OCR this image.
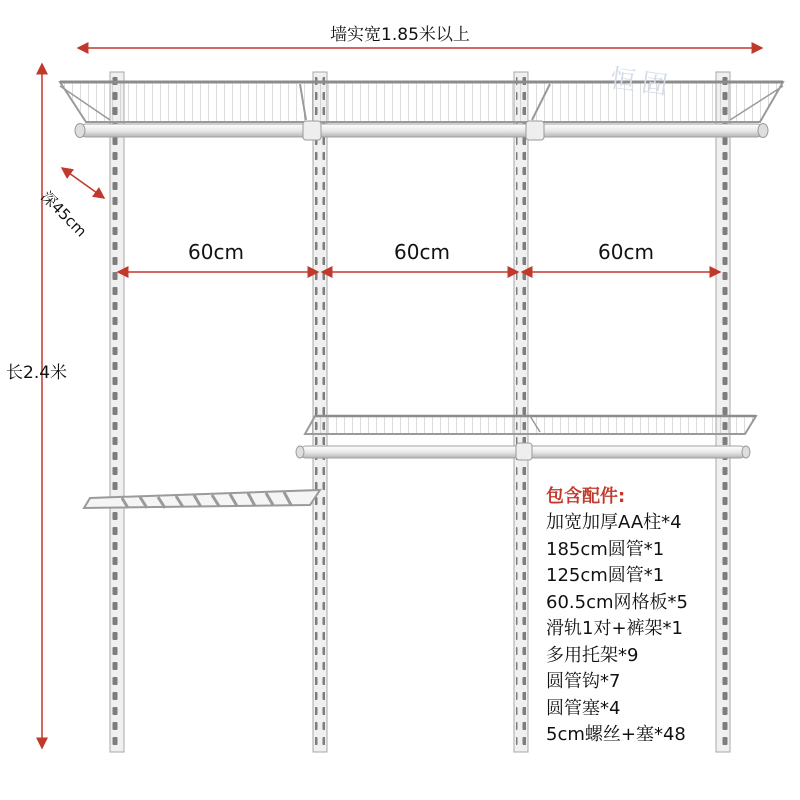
恒固
墙实宽1.85米以上
深45cm
长2.4米
60cm	60cm	60cm
包含配件:
加宽加厚AA柱*4
185cm圆管*1
125cm圆管*1
60.5cm网格板*5
滑轨1对+裤架*1
多用托架*9
圆管钩*7
圆管塞*4
5cm螺丝+塞*48
